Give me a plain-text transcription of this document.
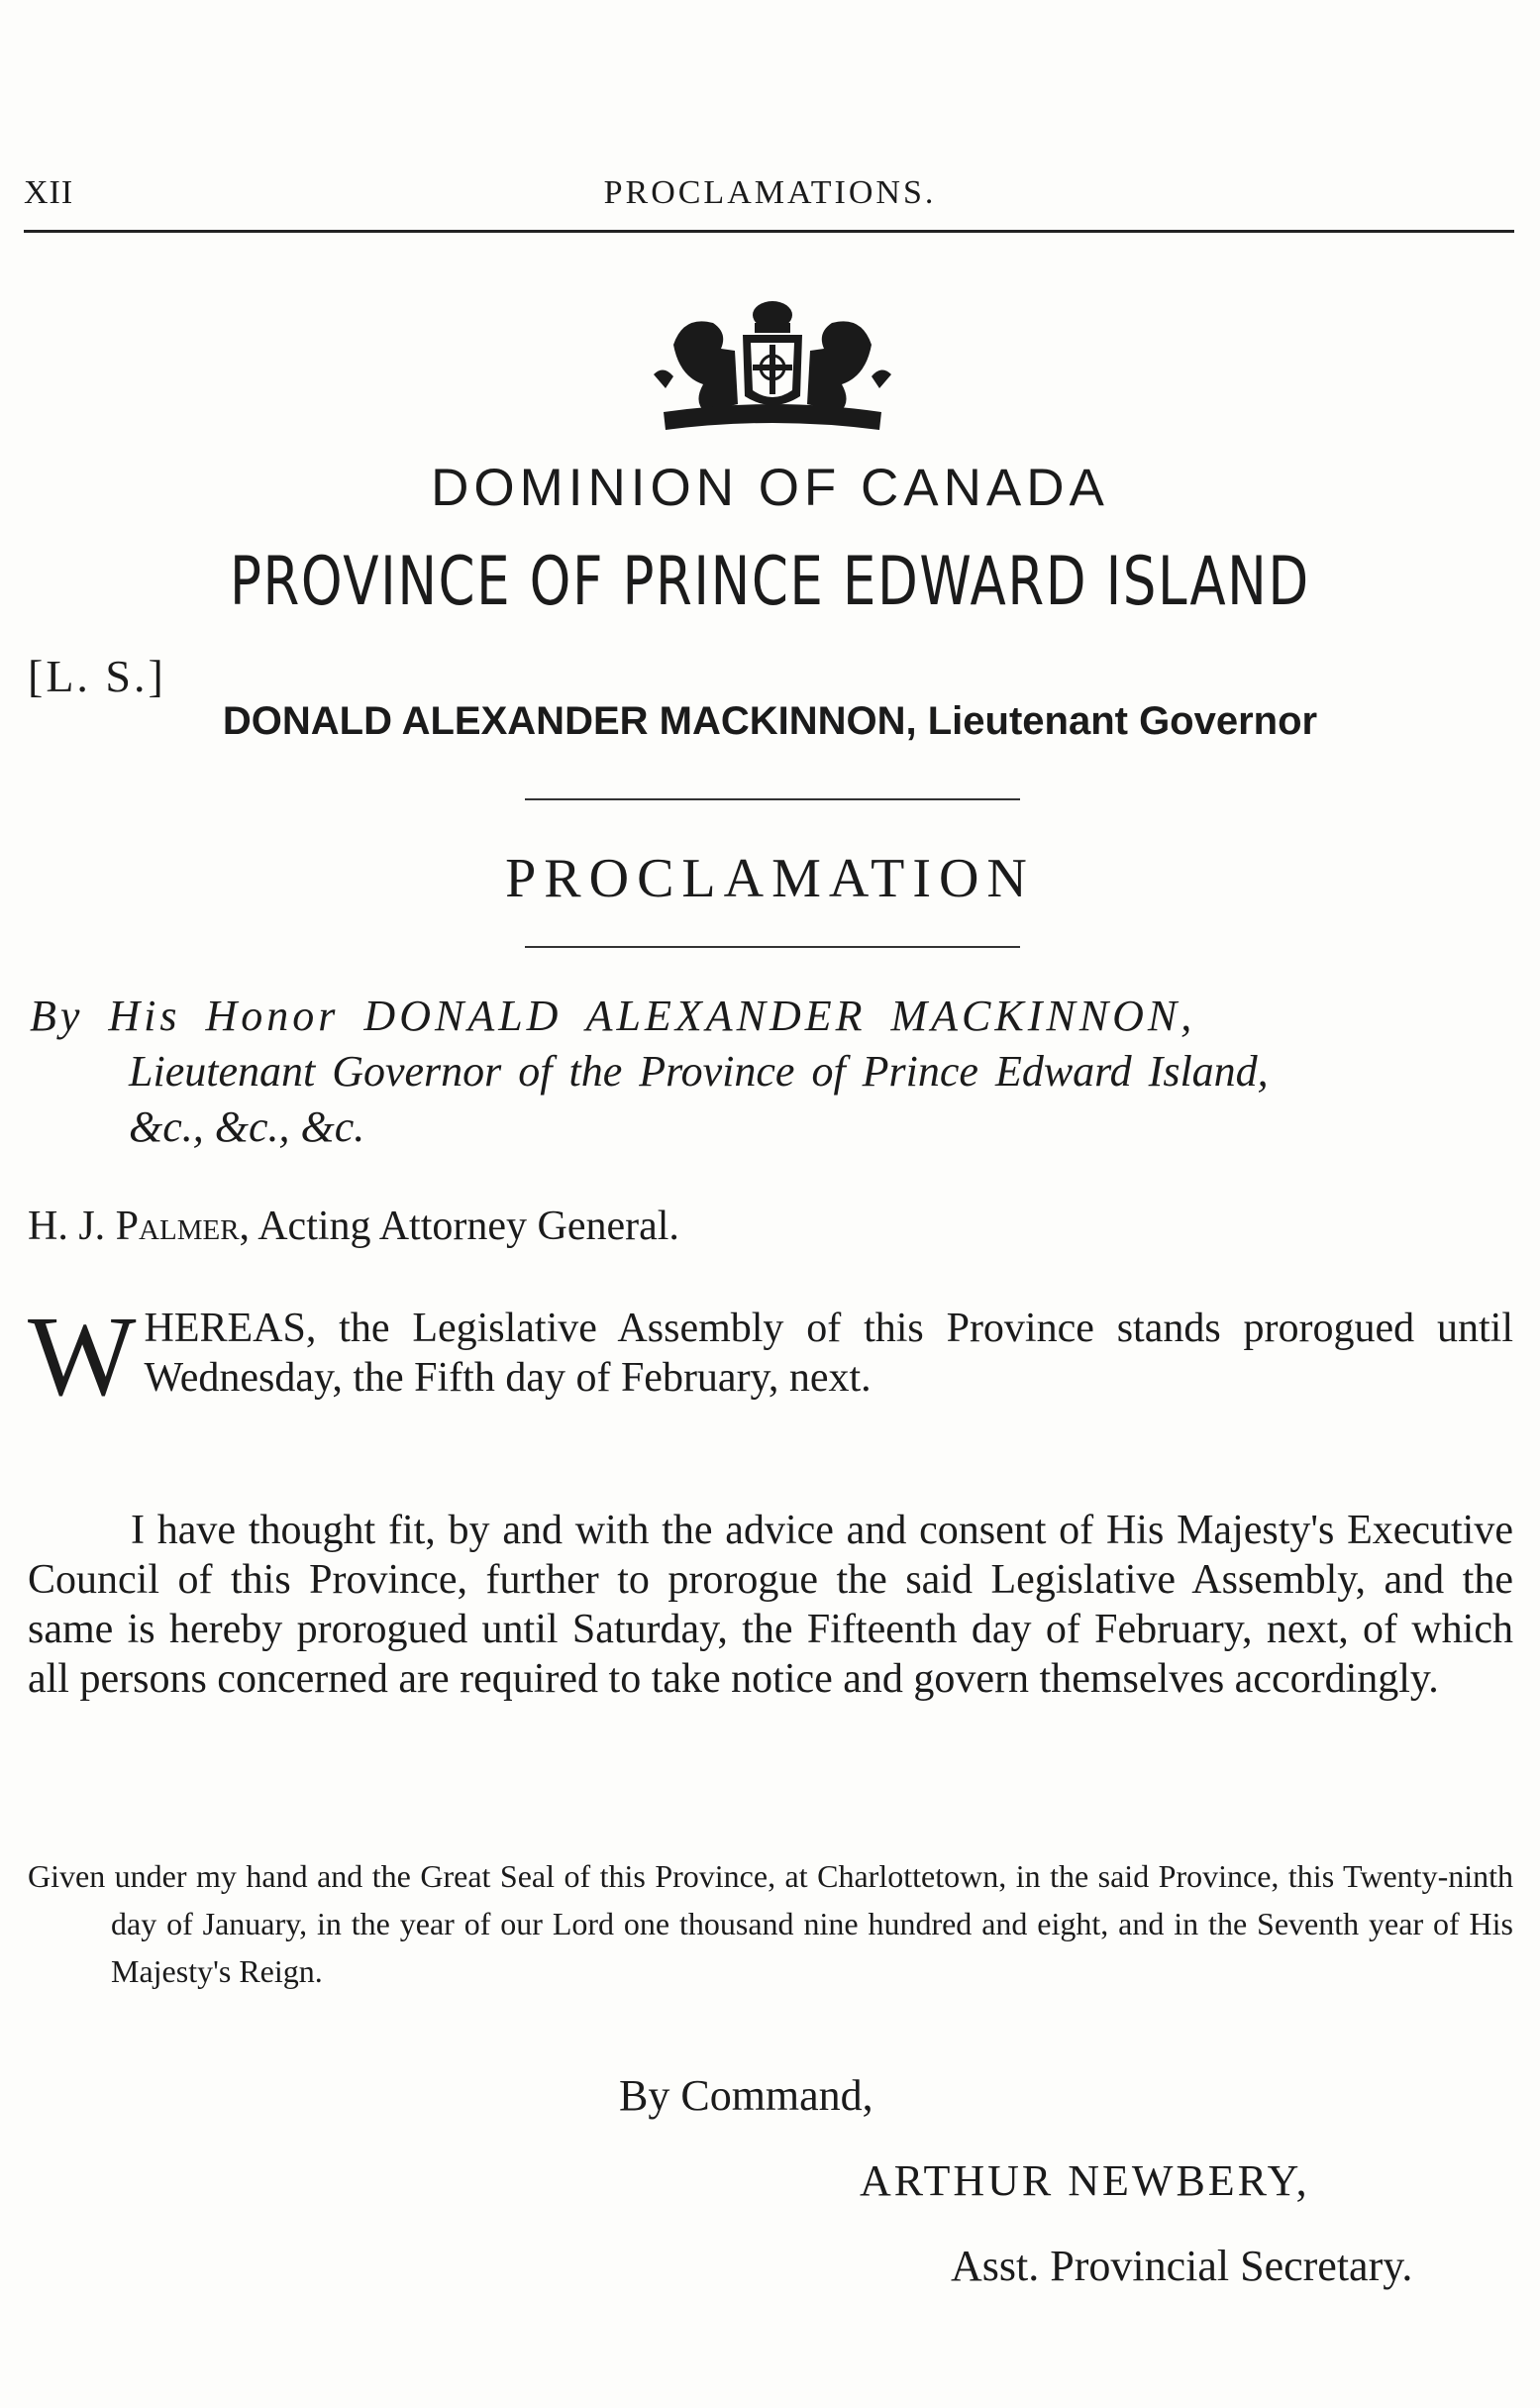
XII	PROCLAMATIONS.
DOMINION OF CANADA
PROVINCE OF PRINCE EDWARD ISLAND
[L. S.]
DONALD ALEXANDER MACKINNON, Lieutenant Governor
PROCLAMATION
By His Honor DONALD ALEXANDER MACKINNON,
Lieutenant Governor of the Province of Prince Edward Island,
&c., &c., &c.
H. J. Palmer, Acting Attorney General.
WHEREAS, the Legislative Assembly of this Province stands prorogued until Wednesday, the Fifth day of February, next.
I have thought fit, by and with the advice and consent of His Majesty's Executive Council of this Province, further to prorogue the said Legislative Assembly, and the same is hereby prorogued until Saturday, the Fifteenth day of February, next, of which all persons concerned are required to take notice and govern themselves accordingly.
Given under my hand and the Great Seal of this Province, at Charlottetown, in the said Province, this Twenty-ninth day of January, in the year of our Lord one thousand nine hundred and eight, and in the Seventh year of His Majesty's Reign.
By Command,
ARTHUR NEWBERY,
Asst. Provincial Secretary.
